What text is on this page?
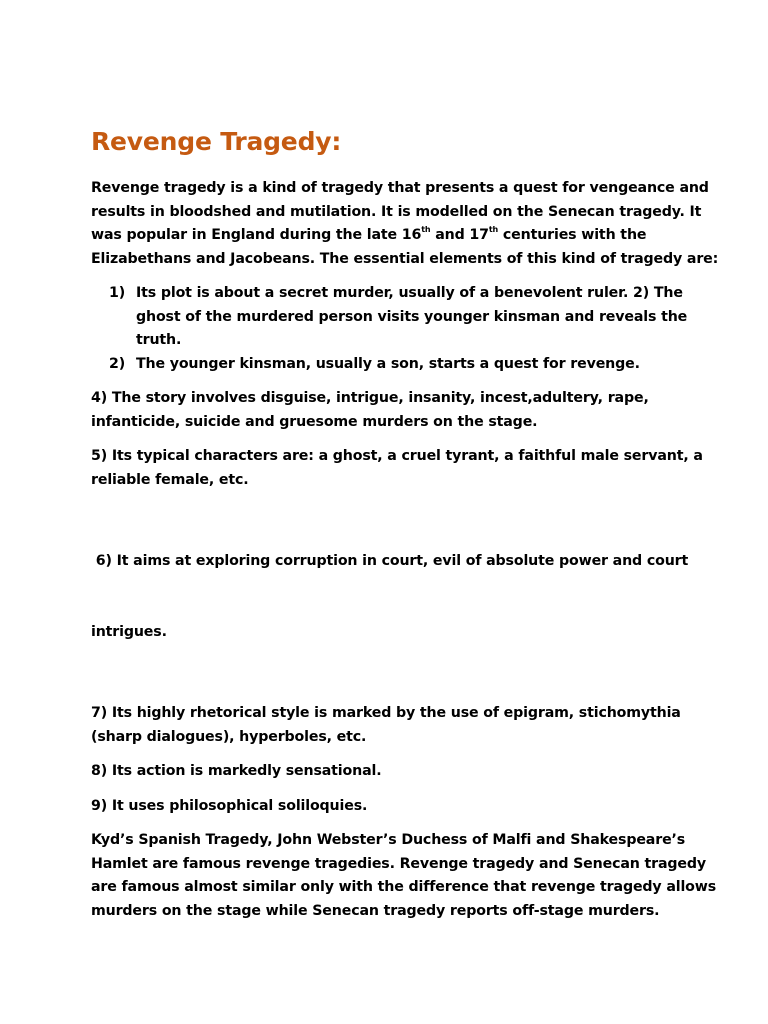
Revenge Tragedy:

Revenge tragedy is a kind of tragedy that presents a quest for vengeance and
results in bloodshed and mutilation. It is modelled on the Senecan tragedy. It
was popular in England during the late 16th and 17th centuries with the
Elizabethans and Jacobeans. The essential elements of this kind of tragedy are:

1) Its plot is about a secret murder, usually of a benevolent ruler. 2) The
ghost of the murdered person visits younger kinsman and reveals the
truth.
2) The younger kinsman, usually a son, starts a quest for revenge.

4) The story involves disguise, intrigue, insanity, incest,adultery, rape,
infanticide, suicide and gruesome murders on the stage.

5) Its typical characters are: a ghost, a cruel tyrant, a faithful male servant, a
reliable female, etc.

6) It aims at exploring corruption in court, evil of absolute power and court

intrigues.

7) Its highly rhetorical style is marked by the use of epigram, stichomythia
(sharp dialogues), hyperboles, etc.

8) Its action is markedly sensational.

9) It uses philosophical soliloquies.

Kyd’s Spanish Tragedy, John Webster’s Duchess of Malfi and Shakespeare’s
Hamlet are famous revenge tragedies. Revenge tragedy and Senecan tragedy
are famous almost similar only with the difference that revenge tragedy allows
murders on the stage while Senecan tragedy reports off-stage murders.
